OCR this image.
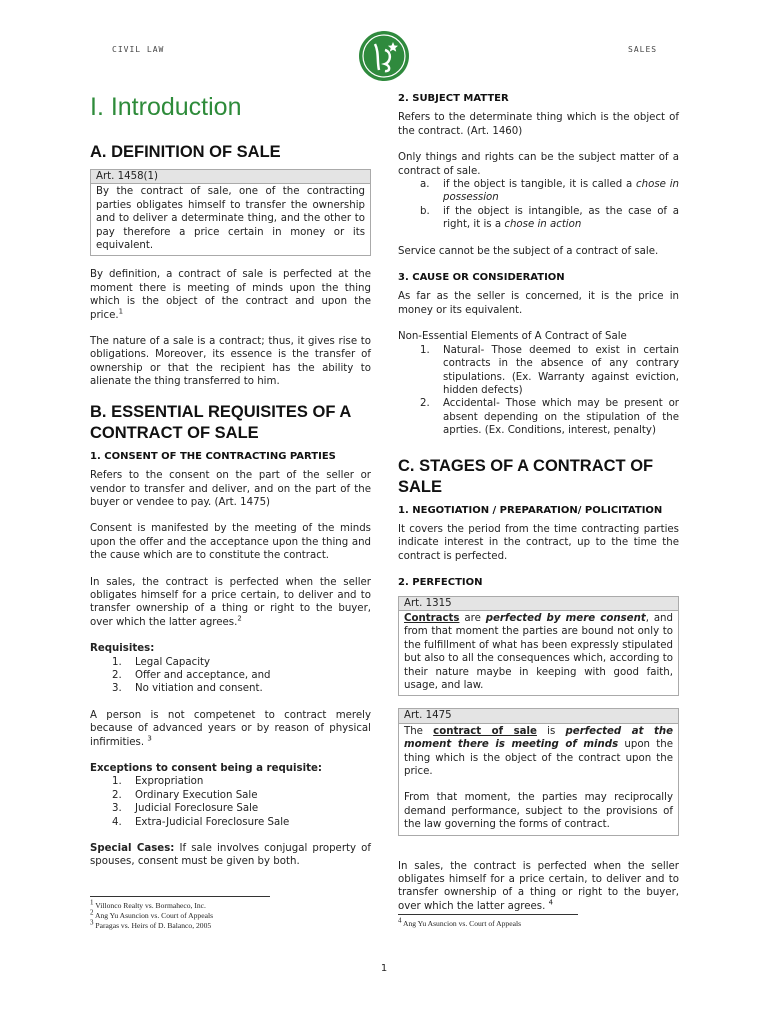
CIVIL LAW	SALES
I. Introduction
A. DEFINITION OF SALE
Art. 1458(1)
By the contract of sale, one of the contracting parties obligates himself to transfer the ownership and to deliver a determinate thing, and the other to pay therefore a price certain in money or its equivalent.

By definition, a contract of sale is perfected at the moment there is meeting of minds upon the thing which is the object of the contract and upon the price.$^1$

The nature of a sale is a contract; thus, it gives rise to obligations. Moreover, its essence is the transfer of ownership or that the recipient has the ability to alienate the thing transferred to him.

B. ESSENTIAL REQUISITES OF A CONTRACT OF SALE
1. CONSENT OF THE CONTRACTING PARTIES

Refers to the consent on the part of the seller or vendor to transfer and deliver, and on the part of the buyer or vendee to pay. (Art. 1475)

Consent is manifested by the meeting of the minds upon the offer and the acceptance upon the thing and the cause which are to constitute the contract.

In sales, the contract is perfected when the seller obligates himself for a price certain, to deliver and to transfer ownership of a thing or right to the buyer, over which the latter agrees.$^2$

Requisites:
1. Legal Capacity
2. Offer and acceptance, and
3. No vitiation and consent.

A person is not competenet to contract merely because of advanced years or by reason of physical infirmities. $^3$

Exceptions to consent being a requisite:
1. Expropriation
2. Ordinary Execution Sale
3. Judicial Foreclosure Sale
4. Extra-Judicial Foreclosure Sale

Special Cases: If sale involves conjugal property of spouses, consent must be given by both.

$^1$ Villonco Realty vs. Bormaheco, Inc.
$^2$ Ang Yu Asuncion vs. Court of Appeals
$^3$ Paragas vs. Heirs of D. Balanco, 2005
2. SUBJECT MATTER

Refers to the determinate thing which is the object of the contract. (Art. 1460)

Only things and rights can be the subject matter of a contract of sale.

a. if the object is tangible, it is called a chose in possession
b. if the object is intangible, as the case of a right, it is a chose in action

Service cannot be the subject of a contract of sale.

3. CAUSE OR CONSIDERATION

As far as the seller is concerned, it is the price in money or its equivalent.

Non-Essential Elements of A Contract of Sale
1. Natural- Those deemed to exist in certain contracts in the absence of any contrary stipulations. (Ex. Warranty against eviction, hidden defects)
2. Accidental- Those which may be present or absent depending on the stipulation of the aprties. (Ex. Conditions, interest, penalty)
C. STAGES OF A CONTRACT OF SALE
1. NEGOTIATION / PREPARATION/ POLICITATION

It covers the period from the time contracting parties indicate interest in the contract, up to the time the contract is perfected.

2. PERFECTION
Art. 1315
Contracts are perfected by mere consent, and from that moment the parties are bound not only to the fulfillment of what has been expressly stipulated but also to all the consequences which, according to their nature maybe in keeping with good faith, usage, and law.
Art. 1475
The contract of sale is perfected at the moment there is meeting of minds upon the thing which is the object of the contract upon the price.
From that moment, the parties may reciprocally demand performance, subject to the provisions of the law governing the forms of contract.

In sales, the contract is perfected when the seller obligates himself for a price certain, to deliver and to transfer ownership of a thing or right to the buyer, over which the latter agrees. $^4$

$^4$ Ang Yu Asuncion vs. Court of Appeals
1
